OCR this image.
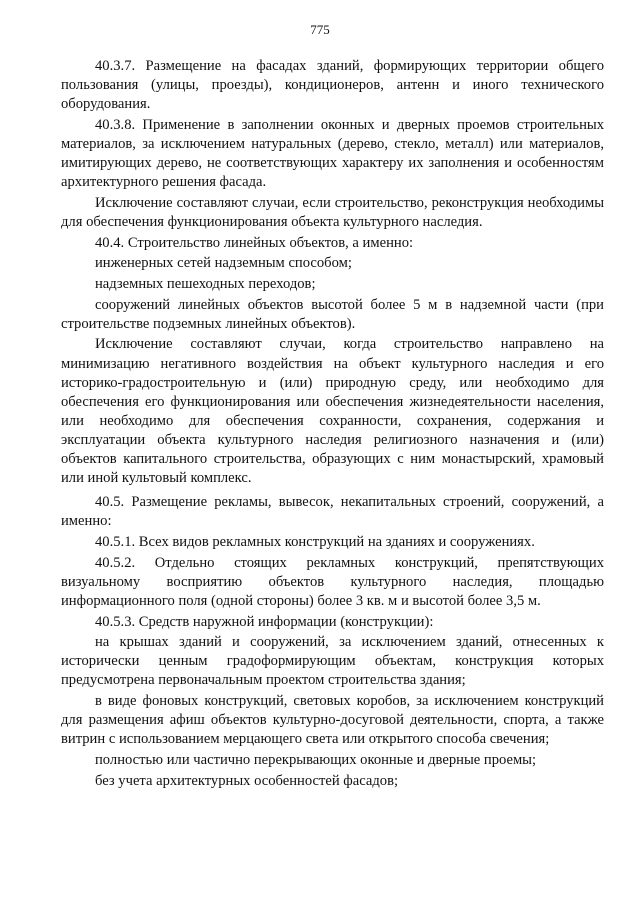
775

40.3.7. Размещение на фасадах зданий, формирующих территории общего пользования (улицы, проезды), кондиционеров, антенн и иного технического оборудования.

40.3.8. Применение в заполнении оконных и дверных проемов строительных материалов, за исключением натуральных (дерево, стекло, металл) или материалов, имитирующих дерево, не соответствующих характеру их заполнения и особенностям архитектурного решения фасада.

Исключение составляют случаи, если строительство, реконструкция необходимы для обеспечения функционирования объекта культурного наследия.

40.4. Строительство линейных объектов, а именно:

инженерных сетей надземным способом;

надземных пешеходных переходов;

сооружений линейных объектов высотой более 5 м в надземной части (при строительстве подземных линейных объектов).

Исключение составляют случаи, когда строительство направлено на минимизацию негативного воздействия на объект культурного наследия и его историко-градостроительную и (или) природную среду, или необходимо для обеспечения его функционирования или обеспечения жизнедеятельности населения, или необходимо для обеспечения сохранности, сохранения, содержания и эксплуатации объекта культурного наследия религиозного назначения и (или) объектов капитального строительства, образующих с ним монастырский, храмовый или иной культовый комплекс.

40.5. Размещение рекламы, вывесок, некапитальных строений, сооружений, а именно:

40.5.1. Всех видов рекламных конструкций на зданиях и сооружениях.

40.5.2. Отдельно стоящих рекламных конструкций, препятствующих визуальному восприятию объектов культурного наследия, площадью информационного поля (одной стороны) более 3 кв. м и высотой более 3,5 м.

40.5.3. Средств наружной информации (конструкции):

на крышах зданий и сооружений, за исключением зданий, отнесенных к исторически ценным градоформирующим объектам, конструкция которых предусмотрена первоначальным проектом строительства здания;

в виде фоновых конструкций, световых коробов, за исключением конструкций для размещения афиш объектов культурно-досуговой деятельности, спорта, а также витрин с использованием мерцающего света или открытого способа свечения;

полностью или частично перекрывающих оконные и дверные проемы;

без учета архитектурных особенностей фасадов;
